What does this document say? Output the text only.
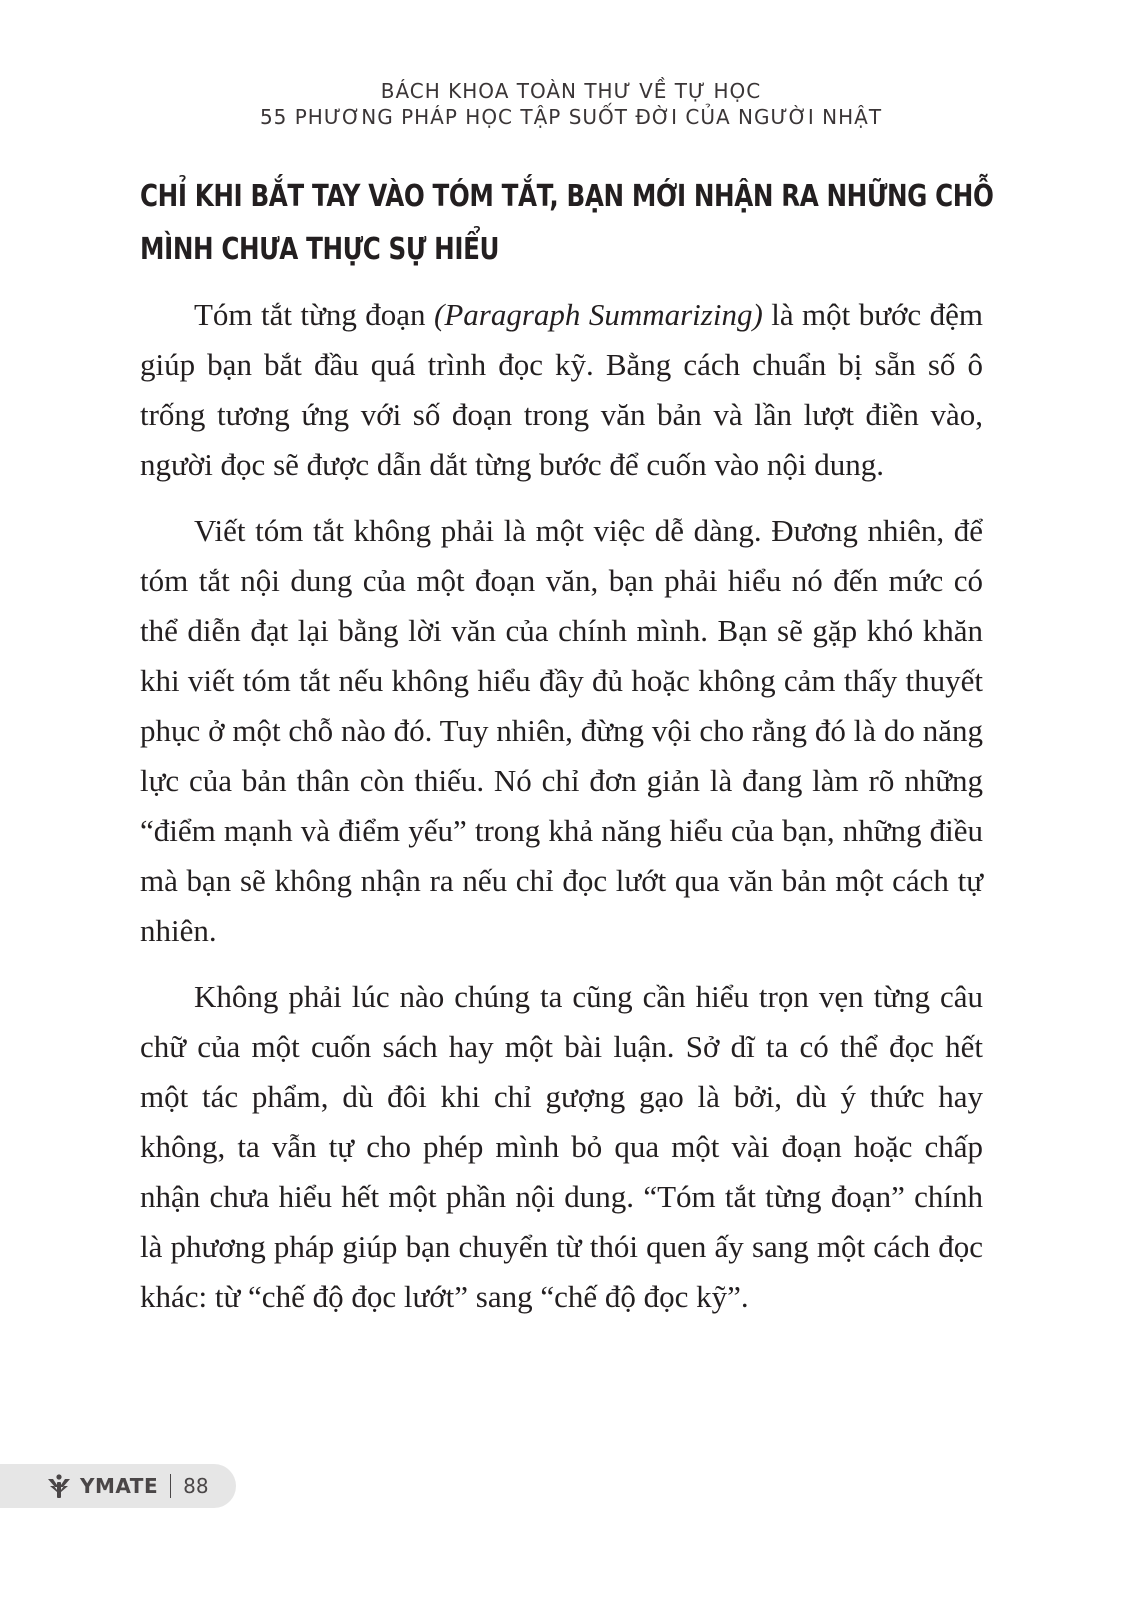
BÁCH KHOA TOÀN THƯ VỀ TỰ HỌC
55 PHƯƠNG PHÁP HỌC TẬP SUỐT ĐỜI CỦA NGƯỜI NHẬT
CHỈ KHI BẮT TAY VÀO TÓM TẮT, BẠN MỚI NHẬN RA NHỮNG CHỖ
MÌNH CHƯA THỰC SỰ HIỂU

Tóm tắt từng đoạn (Paragraph Summarizing) là một bước đệm giúp bạn bắt đầu quá trình đọc kỹ. Bằng cách chuẩn bị sẵn số ô trống tương ứng với số đoạn trong văn bản và lần lượt điền vào, người đọc sẽ được dẫn dắt từng bước để cuốn vào nội dung.

Viết tóm tắt không phải là một việc dễ dàng. Đương nhiên, để tóm tắt nội dung của một đoạn văn, bạn phải hiểu nó đến mức có thể diễn đạt lại bằng lời văn của chính mình. Bạn sẽ gặp khó khăn khi viết tóm tắt nếu không hiểu đầy đủ hoặc không cảm thấy thuyết phục ở một chỗ nào đó. Tuy nhiên, đừng vội cho rằng đó là do năng lực của bản thân còn thiếu. Nó chỉ đơn giản là đang làm rõ những “điểm mạnh và điểm yếu” trong khả năng hiểu của bạn, những điều mà bạn sẽ không nhận ra nếu chỉ đọc lướt qua văn bản một cách tự nhiên.

Không phải lúc nào chúng ta cũng cần hiểu trọn vẹn từng câu chữ của một cuốn sách hay một bài luận. Sở dĩ ta có thể đọc hết một tác phẩm, dù đôi khi chỉ gượng gạo là bởi, dù ý thức hay không, ta vẫn tự cho phép mình bỏ qua một vài đoạn hoặc chấp nhận chưa hiểu hết một phần nội dung. “Tóm tắt từng đoạn” chính là phương pháp giúp bạn chuyển từ thói quen ấy sang một cách đọc khác: từ “chế độ đọc lướt” sang “chế độ đọc kỹ”.

YMATE 88
